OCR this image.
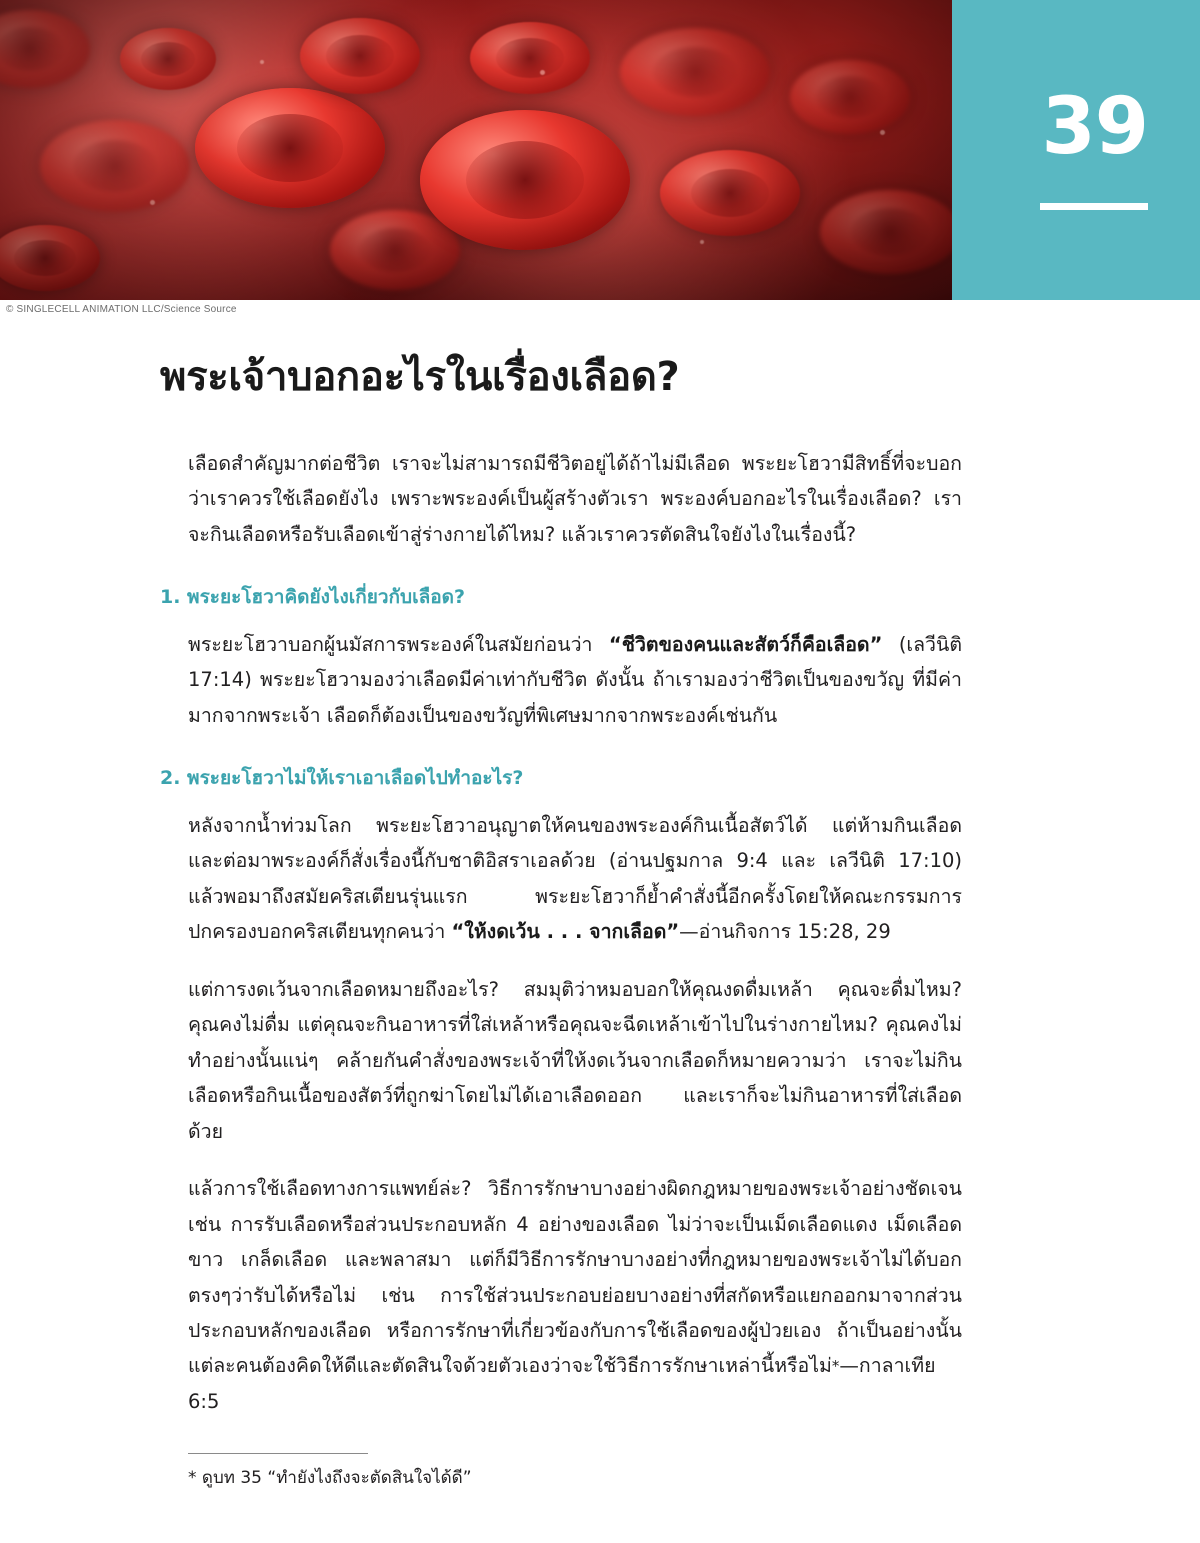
39
© SINGLECELL ANIMATION LLC/Science Source
พระเจ้าบอกอะไรในเรื่องเลือด?

เลือดสำคัญมากต่อชีวิต เราจะไม่สามารถมีชีวิตอยู่ได้ถ้าไม่มีเลือด พระยะโฮวามีสิทธิ์ที่จะบอกว่าเราควรใช้เลือดยังไง เพราะพระองค์เป็นผู้สร้างตัวเรา พระองค์บอกอะไรในเรื่องเลือด? เราจะกินเลือดหรือรับเลือดเข้าสู่ร่างกายได้ไหม? แล้วเราควรตัดสินใจยังไงในเรื่องนี้?

1. พระยะโฮวาคิดยังไงเกี่ยวกับเลือด?

พระยะโฮวาบอกผู้นมัสการพระองค์ในสมัยก่อนว่า “ชีวิตของคนและสัตว์ก็คือเลือด” (เลวีนิติ 17:14) พระยะโฮวามองว่าเลือดมีค่าเท่ากับชีวิต ดังนั้น ถ้าเรามองว่าชีวิตเป็นของขวัญ ที่มีค่ามากจากพระเจ้า เลือดก็ต้องเป็นของขวัญที่พิเศษมากจากพระองค์เช่นกัน

2. พระยะโฮวาไม่ให้เราเอาเลือดไปทำอะไร?

หลังจากน้ำท่วมโลก พระยะโฮวาอนุญาตให้คนของพระองค์กินเนื้อสัตว์ได้ แต่ห้ามกินเลือด และต่อมาพระองค์ก็สั่งเรื่องนี้กับชาติอิสราเอลด้วย (อ่านปฐมกาล 9:4 และ เลวีนิติ 17:10) แล้วพอมาถึงสมัยคริสเตียนรุ่นแรก พระยะโฮวาก็ย้ำคำสั่งนี้อีกครั้งโดยให้คณะกรรมการปกครองบอกคริสเตียนทุกคนว่า “ให้งดเว้น . . . จากเลือด”—อ่านกิจการ 15:28, 29

แต่การงดเว้นจากเลือดหมายถึงอะไร? สมมุติว่าหมอบอกให้คุณงดดื่มเหล้า คุณจะดื่มไหม? คุณคงไม่ดื่ม แต่คุณจะกินอาหารที่ใส่เหล้าหรือคุณจะฉีดเหล้าเข้าไปในร่างกายไหม? คุณคงไม่ทำอย่างนั้นแน่ๆ คล้ายกันคำสั่งของพระเจ้าที่ให้งดเว้นจากเลือดก็หมายความว่า เราจะไม่กินเลือดหรือกินเนื้อของสัตว์ที่ถูกฆ่าโดยไม่ได้เอาเลือดออก และเราก็จะไม่กินอาหารที่ใส่เลือดด้วย

แล้วการใช้เลือดทางการแพทย์ล่ะ? วิธีการรักษาบางอย่างผิดกฎหมายของพระเจ้าอย่างชัดเจน เช่น การรับเลือดหรือส่วนประกอบหลัก 4 อย่างของเลือด ไม่ว่าจะเป็นเม็ดเลือดแดง เม็ดเลือดขาว เกล็ดเลือด และพลาสมา แต่ก็มีวิธีการรักษาบางอย่างที่กฎหมายของพระเจ้าไม่ได้บอกตรงๆว่ารับได้หรือไม่ เช่น การใช้ส่วนประกอบย่อยบางอย่างที่สกัดหรือแยกออกมาจากส่วนประกอบหลักของเลือด หรือการรักษาที่เกี่ยวข้องกับการใช้เลือดของผู้ป่วยเอง ถ้าเป็นอย่างนั้น แต่ละคนต้องคิดให้ดีและตัดสินใจด้วยตัวเองว่าจะใช้วิธีการรักษาเหล่านี้หรือไม่*—กาลาเทีย 6:5

* ดูบท 35 “ทำยังไงถึงจะตัดสินใจได้ดี”
